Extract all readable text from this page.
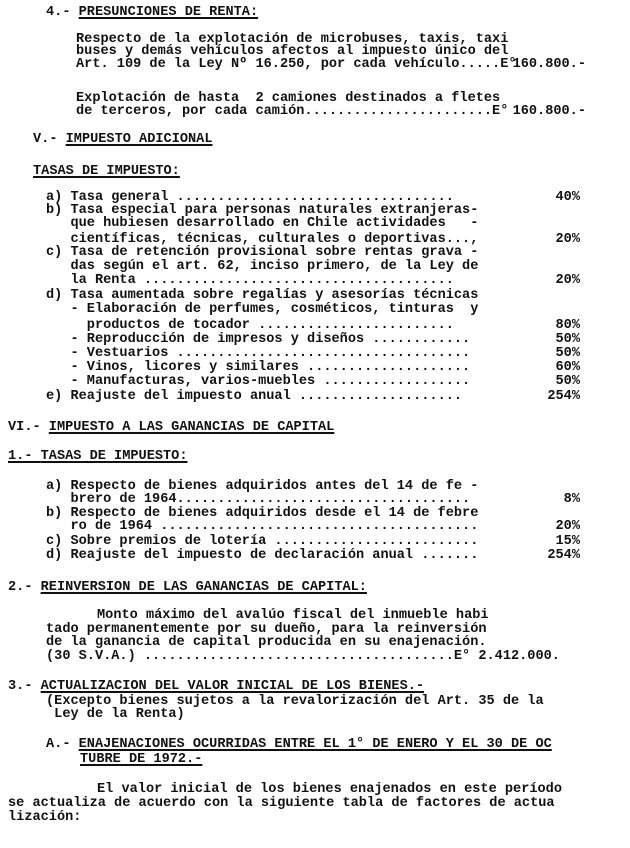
4.- PRESUNCIONES DE RENTA:
Respecto de la explotación de microbuses, taxis, taxi
buses y demás vehículos afectos al impuesto único del
Art. 109 de la Ley Nº 16.250, por cada vehículo.....E°
160.800.-
Explotación de hasta  2 camiones destinados a fletes
de terceros, por cada camión.......................E° 160.800.-
V.- IMPUESTO ADICIONAL
TASAS DE IMPUESTO:
a) Tasa general ..................................	40%
b) Tasa especial para personas naturales extranjeras-
que hubiesen desarrollado en Chile actividades   -
científicas, técnicas, culturales o deportivas...,	20%
c) Tasa de retención provisional sobre rentas grava -
das según el art. 62, inciso primero, de la Ley de
la Renta ......................................	20%
d) Tasa aumentada sobre regalías y asesorías técnicas
- Elaboración de perfumes, cosméticos, tinturas  y
productos de tocador ........................	80%
- Reproducción de impresos y diseños ............	50%
- Vestuarios ....................................	50%
- Vinos, licores y similares ....................	60%
- Manufacturas, varios-muebles ..................	50%
e) Reajuste del impuesto anual ....................	254%
VI.- IMPUESTO A LAS GANANCIAS DE CAPITAL
1.- TASAS DE IMPUESTO:
a) Respecto de bienes adquiridos antes del 14 de fe -
brero de 1964....................................	8%
b) Respecto de bienes adquiridos desde el 14 de febre
ro de 1964 .......................................	20%
c) Sobre premios de lotería .........................	15%
d) Reajuste del impuesto de declaración anual .......	254%
2.- REINVERSION DE LAS GANANCIAS DE CAPITAL:
Monto máximo del avalúo fiscal del inmueble habi
tado permanentemente por su dueño, para la reinversión
de la ganancia de capital producida en su enajenación.
(30 S.V.A.) ......................................E° 2.412.000.
3.- ACTUALIZACION DEL VALOR INICIAL DE LOS BIENES.-
(Excepto bienes sujetos a la revalorización del Art. 35 de la
Ley de la Renta)
A.- ENAJENACIONES OCURRIDAS ENTRE EL 1° DE ENERO Y EL 30 DE OC
TUBRE DE 1972.-
El valor inicial de los bienes enajenados en este período
se actualiza de acuerdo con la siguiente tabla de factores de actua
lización:
